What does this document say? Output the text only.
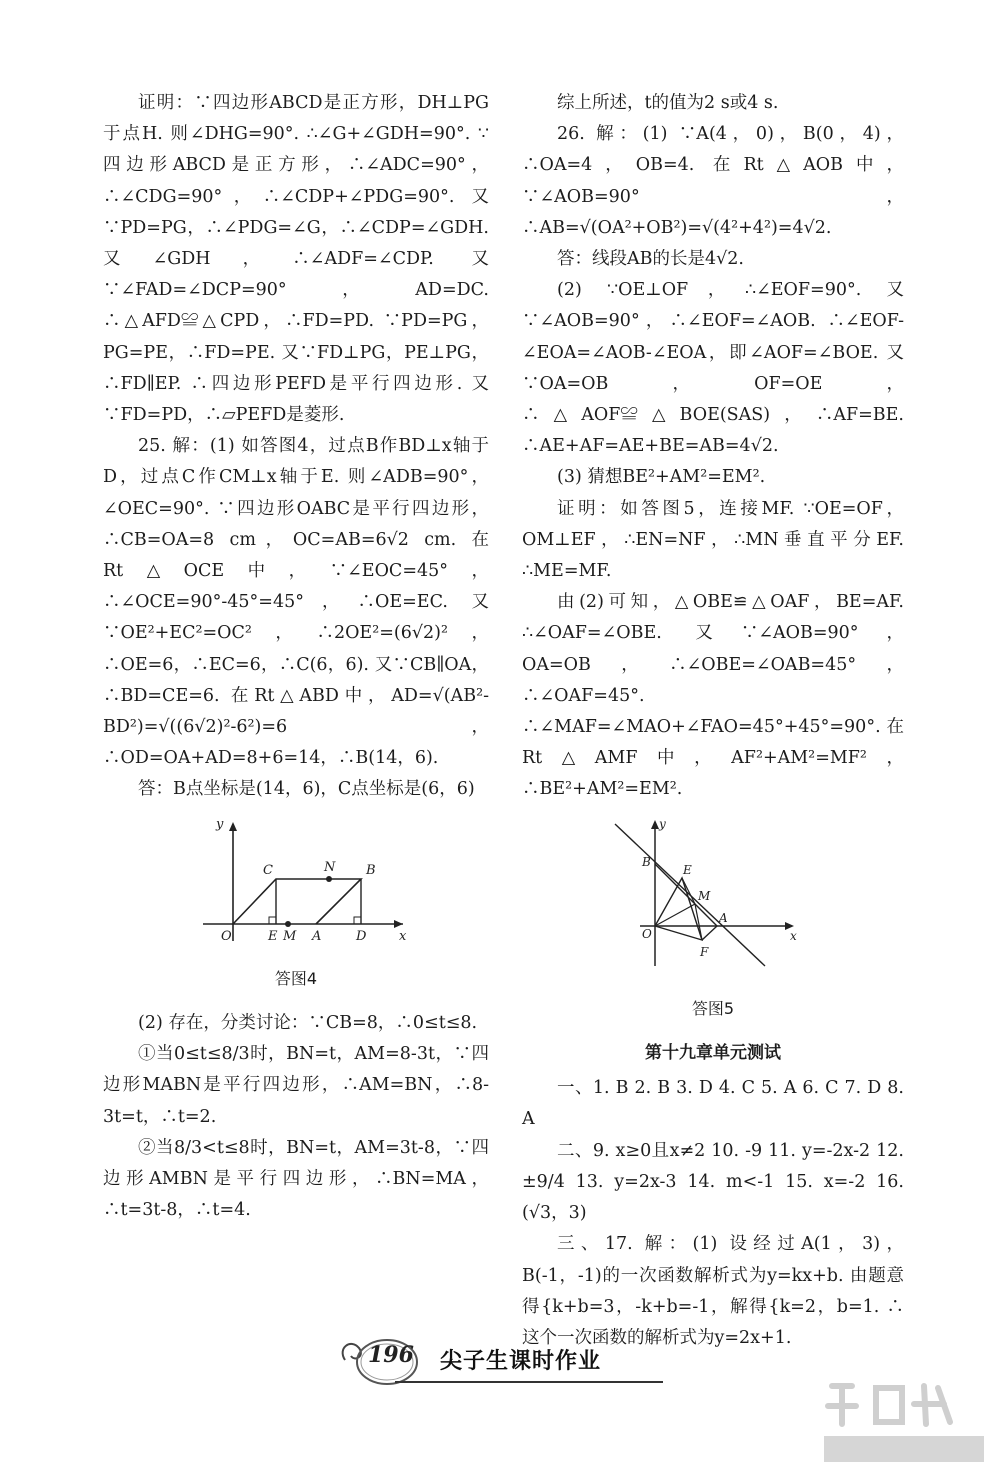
证明：∵四边形ABCD是正方形，DH⊥PG于点H. 则∠DHG=90°. ∴∠G+∠GDH=90°. ∵四边形ABCD是正方形，∴∠ADC=90°，∴∠CDG=90°，∴∠CDP+∠PDG=90°. 又∵PD=PG，∴∠PDG=∠G，∴∠CDP=∠GDH. 又∠GDH，∴∠ADF=∠CDP. 又∵∠FAD=∠DCP=90°，AD=DC. ∴△AFD≌△CPD，∴FD=PD. ∵PD=PG，PG=PE，∴FD=PE. 又∵FD⊥PG，PE⊥PG，∴FD∥EP. ∴四边形PEFD是平行四边形. 又∵FD=PD，∴▱PEFD是菱形.

25. 解：(1) 如答图4，过点B作BD⊥x轴于D，过点C作CM⊥x轴于E. 则∠ADB=90°，∠OEC=90°. ∵四边形OABC是平行四边形，∴CB=OA=8 cm，OC=AB=6√2 cm. 在Rt△OCE中，∵∠EOC=45°，∴∠OCE=90°-45°=45°，∴OE=EC. 又∵OE²+EC²=OC²，∴2OE²=(6√2)²，∴OE=6，∴EC=6，∴C(6，6). 又∵CB∥OA，∴BD=CE=6. 在Rt△ABD中，AD=√(AB²-BD²)=√((6√2)²-6²)=6，∴OD=OA+AD=8+6=14，∴B(14，6).

答：B点坐标是(14，6)，C点坐标是(6，6)

O
C	B
N
E M A	D	x
y
答图4

(2) 存在，分类讨论：∵CB=8，∴0≤t≤8.

①当0≤t≤8/3时，BN=t，AM=8-3t，∵四边形MABN是平行四边形，∴AM=BN，∴8-3t=t，∴t=2.

②当8/3<t≤8时，BN=t，AM=3t-8，∵四边形AMBN是平行四边形，∴BN=MA，∴t=3t-8，∴t=4.

综上所述，t的值为2 s或4 s.

26. 解：(1) ∵A(4，0)，B(0，4)，∴OA=4，OB=4. 在Rt△AOB中，∵∠AOB=90°，∴AB=√(OA²+OB²)=√(4²+4²)=4√2.

答：线段AB的长是4√2.

(2) ∵OE⊥OF，∴∠EOF=90°. 又∵∠AOB=90°，∴∠EOF=∠AOB. ∴∠EOF-∠EOA=∠AOB-∠EOA，即∠AOF=∠BOE. 又∵OA=OB，OF=OE，∴△AOF≌△BOE(SAS)，∴AF=BE. ∴AE+AF=AE+BE=AB=4√2.

(3) 猜想BE²+AM²=EM².

证明：如答图5，连接MF. ∵OE=OF，OM⊥EF，∴EN=NF，∴MN垂直平分EF. ∴ME=MF.

由(2)可知，△OBE≌△OAF，BE=AF. ∴∠OAF=∠OBE. 又∵∠AOB=90°，OA=OB，∴∠OBE=∠OAB=45°，∴∠OAF=45°. ∴∠MAF=∠MAO+∠FAO=45°+45°=90°. 在Rt△AMF中，AF²+AM²=MF²，∴BE²+AM²=EM².

O
B
E
M
A
F
x
y
答图5
第十九章单元测试

一、1. B 2. B 3. D 4. C 5. A 6. C 7. D 8. A

二、9. x≥0且x≠2 10. -9 11. y=-2x-2 12. ±9/4 13. y=2x-3 14. m<-1 15. x=-2 16. (√3，3)

三、17. 解：(1) 设经过A(1，3)，B(-1，-1)的一次函数解析式为y=kx+b. 由题意得{k+b=3，-k+b=-1，解得{k=2，b=1. ∴这个一次函数的解析式为y=2x+1.

196 尖子生课时作业
